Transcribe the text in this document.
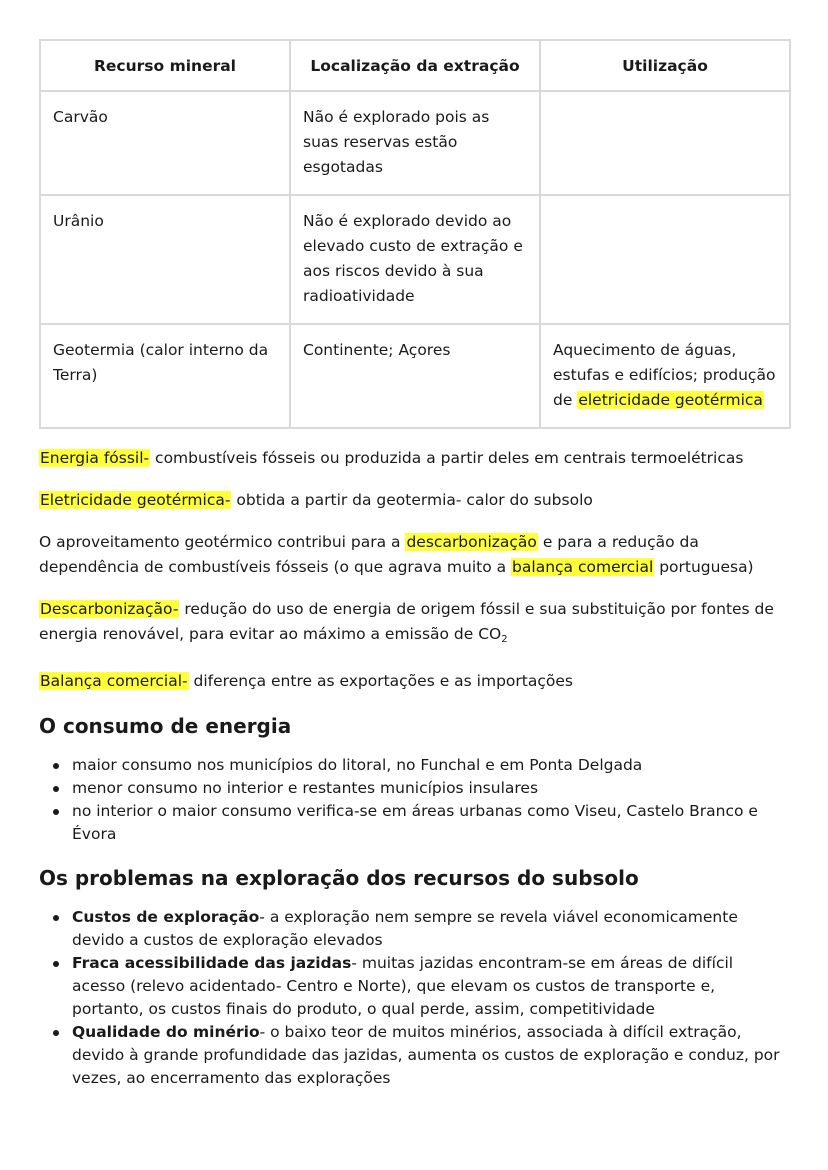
Recurso mineral	Localização da extração	Utilização
Carvão	Não é explorado pois as suas reservas estão esgotadas	
Urânio	Não é explorado devido ao elevado custo de extração e aos riscos devido à sua radioatividade	
Geotermia (calor interno da Terra)	Continente; Açores	Aquecimento de águas, estufas e edifícios; produção de eletricidade geotérmica

Energia fóssil- combustíveis fósseis ou produzida a partir deles em centrais termoelétricas

Eletricidade geotérmica- obtida a partir da geotermia- calor do subsolo

O aproveitamento geotérmico contribui para a descarbonização e para a redução da
dependência de combustíveis fósseis (o que agrava muito a balança comercial portuguesa)

Descarbonização- redução do uso de energia de origem fóssil e sua substituição por fontes de
energia renovável, para evitar ao máximo a emissão de $CO_2$

Balança comercial- diferença entre as exportações e as importações

O consumo de energia
maior consumo nos municípios do litoral, no Funchal e em Ponta Delgada
menor consumo no interior e restantes municípios insulares
no interior o maior consumo verifica-se em áreas urbanas como Viseu, Castelo Branco e Évora
Os problemas na exploração dos recursos do subsolo
Custos de exploração- a exploração nem sempre se revela viável economicamente devido a custos de exploração elevados
Fraca acessibilidade das jazidas- muitas jazidas encontram-se em áreas de difícil acesso (relevo acidentado- Centro e Norte), que elevam os custos de transporte e, portanto, os custos finais do produto, o qual perde, assim, competitividade
Qualidade do minério- o baixo teor de muitos minérios, associada à difícil extração, devido à grande profundidade das jazidas, aumenta os custos de exploração e conduz, por vezes, ao encerramento das explorações
